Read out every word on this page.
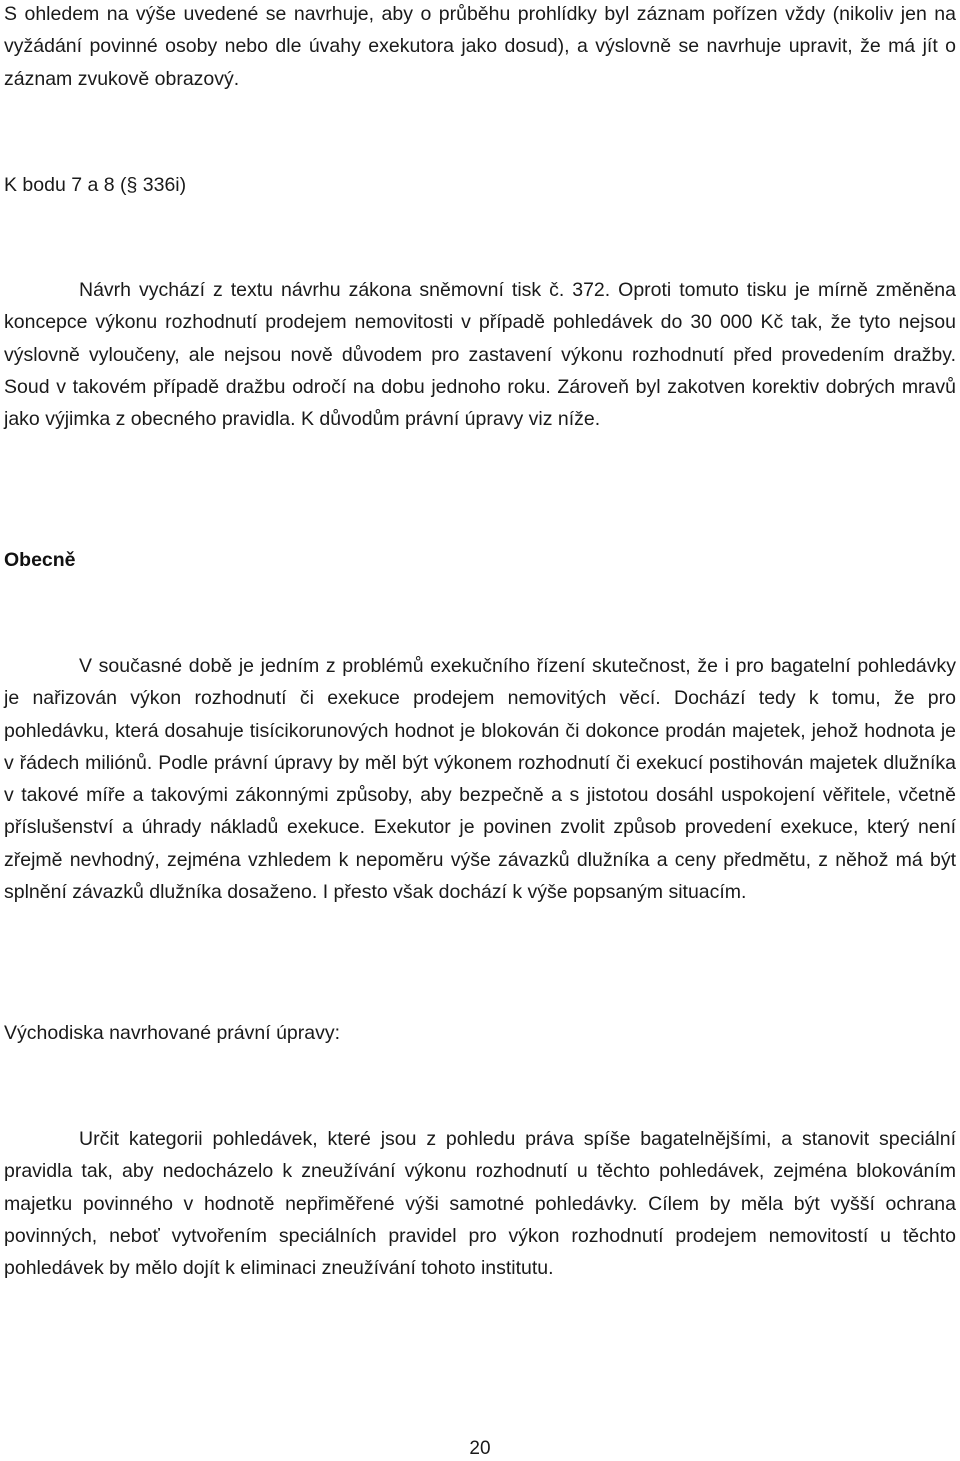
S ohledem na výše uvedené se navrhuje, aby o průběhu prohlídky byl záznam pořízen vždy (nikoliv jen na vyžádání povinné osoby nebo dle úvahy exekutora jako dosud), a výslovně se navrhuje upravit, že má jít o záznam zvukově obrazový.

K bodu 7 a 8 (§ 336i)

Návrh vychází z textu návrhu zákona sněmovní tisk č. 372. Oproti tomuto tisku je mírně změněna koncepce výkonu rozhodnutí prodejem nemovitosti v případě pohledávek do 30 000 Kč tak, že tyto nejsou výslovně vyloučeny, ale nejsou nově důvodem pro zastavení výkonu rozhodnutí před provedením dražby. Soud v takovém případě dražbu odročí na dobu jednoho roku. Zároveň byl zakotven korektiv dobrých mravů jako výjimka z obecného pravidla. K důvodům právní úpravy viz níže.

Obecně

V současné době je jedním z problémů exekučního řízení skutečnost, že i pro bagatelní pohledávky je nařizován výkon rozhodnutí či exekuce prodejem nemovitých věcí. Dochází tedy k tomu, že pro pohledávku, která dosahuje tisícikorunových hodnot je blokován či dokonce prodán majetek, jehož hodnota je v řádech miliónů. Podle právní úpravy by měl být výkonem rozhodnutí či exekucí postihován majetek dlužníka v takové míře a takovými zákonnými způsoby, aby bezpečně a s jistotou dosáhl uspokojení věřitele, včetně příslušenství a úhrady nákladů exekuce. Exekutor je povinen zvolit způsob provedení exekuce, který není zřejmě nevhodný, zejména vzhledem k nepoměru výše závazků dlužníka a ceny předmětu, z něhož má být splnění závazků dlužníka dosaženo. I přesto však dochází k výše popsaným situacím.

Východiska navrhované právní úpravy:

Určit kategorii pohledávek, které jsou z pohledu práva spíše bagatelnějšími, a stanovit speciální pravidla tak, aby nedocházelo k zneužívání výkonu rozhodnutí u těchto pohledávek, zejména blokováním majetku povinného v hodnotě nepřiměřené výši samotné pohledávky. Cílem by měla být vyšší ochrana povinných, neboť vytvořením speciálních pravidel pro výkon rozhodnutí prodejem nemovitostí u těchto pohledávek by mělo dojít k eliminaci zneužívání tohoto institutu.

20
